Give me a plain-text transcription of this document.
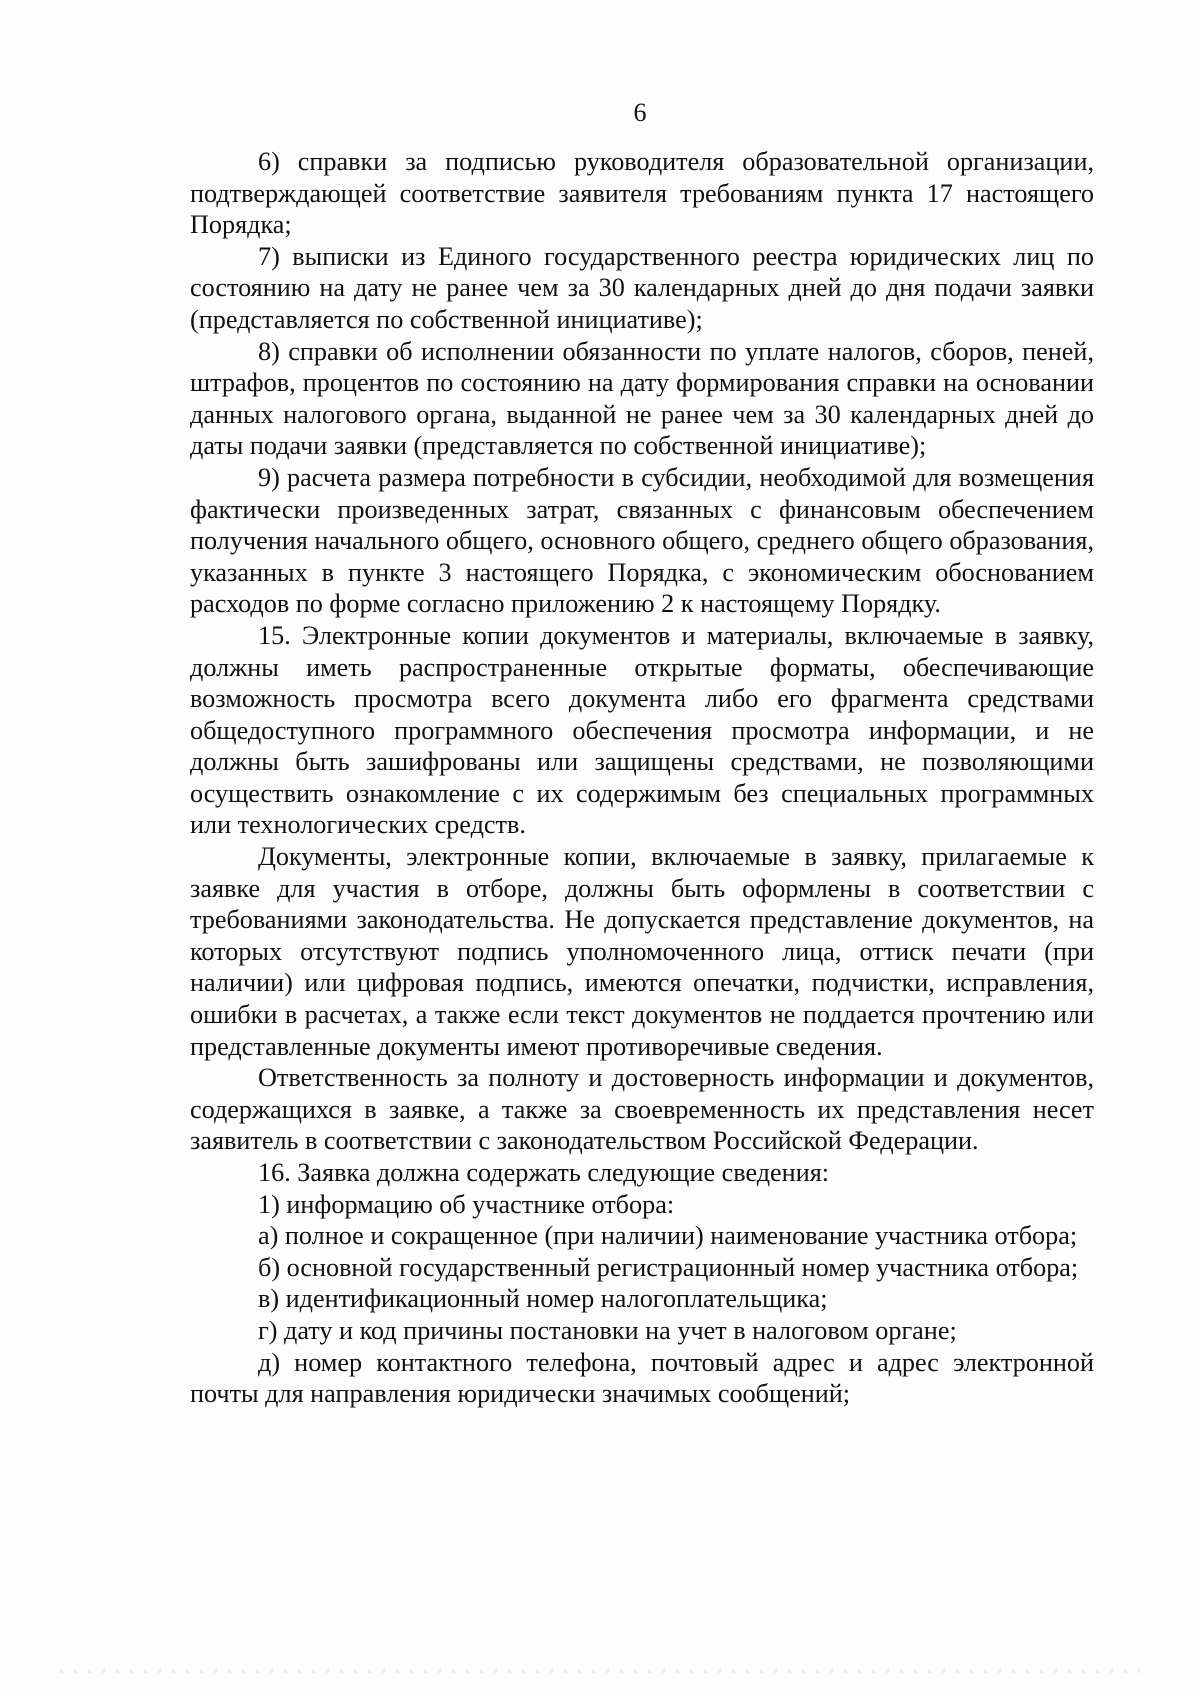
6

6) справки за подписью руководителя образовательной организации, подтверждающей соответствие заявителя требованиям пункта 17 настоящего Порядка;

7) выписки из Единого государственного реестра юридических лиц по состоянию на дату не ранее чем за 30 календарных дней до дня подачи заявки (представляется по собственной инициативе);

8) справки об исполнении обязанности по уплате налогов, сборов, пеней, штрафов, процентов по состоянию на дату формирования справки на основании данных налогового органа, выданной не ранее чем за 30 календарных дней до даты подачи заявки (представляется по собственной инициативе);

9) расчета размера потребности в субсидии, необходимой для возмещения фактически произведенных затрат, связанных с финансовым обеспечением получения начального общего, основного общего, среднего общего образования, указанных в пункте 3 настоящего Порядка, с экономическим обоснованием расходов по форме согласно приложению 2 к настоящему Порядку.

15. Электронные копии документов и материалы, включаемые в заявку, должны иметь распространенные открытые форматы, обеспечивающие возможность просмотра всего документа либо его фрагмента средствами общедоступного программного обеспечения просмотра информации, и не должны быть зашифрованы или защищены средствами, не позволяющими осуществить ознакомление с их содержимым без специальных программных или технологических средств.

Документы, электронные копии, включаемые в заявку, прилагаемые к заявке для участия в отборе, должны быть оформлены в соответствии с требованиями законодательства. Не допускается представление документов, на которых отсутствуют подпись уполномоченного лица, оттиск печати (при наличии) или цифровая подпись, имеются опечатки, подчистки, исправления, ошибки в расчетах, а также если текст документов не поддается прочтению или представленные документы имеют противоречивые сведения.

Ответственность за полноту и достоверность информации и документов, содержащихся в заявке, а также за своевременность их представления несет заявитель в соответствии с законодательством Российской Федерации.

16. Заявка должна содержать следующие сведения:

1) информацию об участнике отбора:

а) полное и сокращенное (при наличии) наименование участника отбора;

б) основной государственный регистрационный номер участника отбора;

в) идентификационный номер налогоплательщика;

г) дату и код причины постановки на учет в налоговом органе;

д) номер контактного телефона, почтовый адрес и адрес электронной почты для направления юридически значимых сообщений;
